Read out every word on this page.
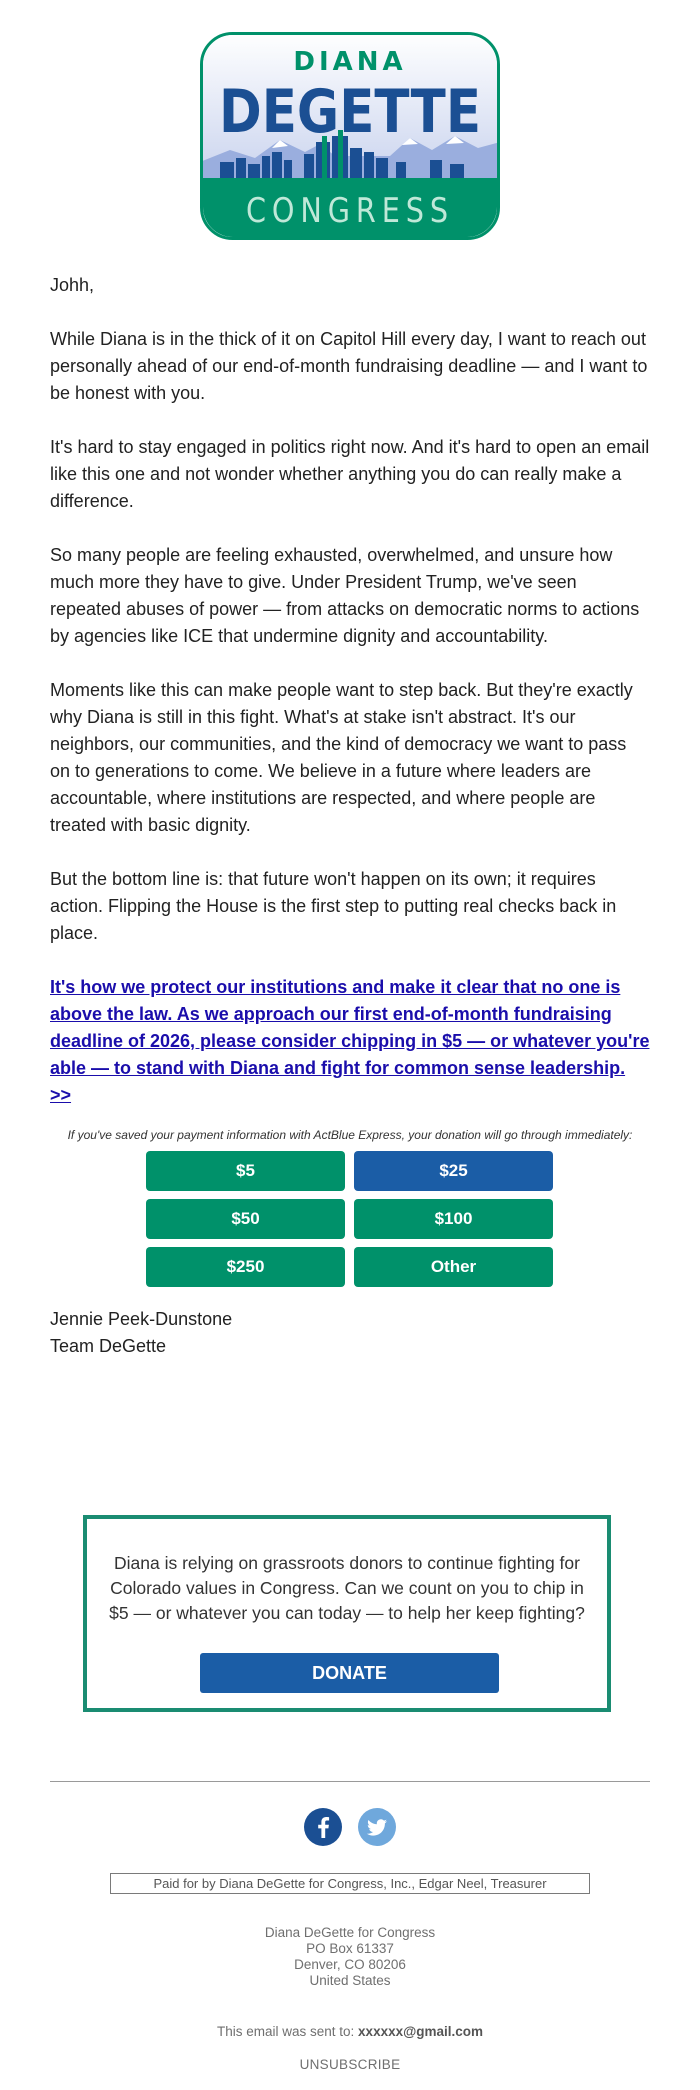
DIANA
DEGETTE
CONGRESS

Johh,

While Diana is in the thick of it on Capitol Hill every day, I want to reach out personally ahead of our end-of-month fundraising deadline — and I want to be honest with you.

It's hard to stay engaged in politics right now. And it's hard to open an email like this one and not wonder whether anything you do can really make a difference.

So many people are feeling exhausted, overwhelmed, and unsure how much more they have to give. Under President Trump, we've seen repeated abuses of power — from attacks on democratic norms to actions by agencies like ICE that undermine dignity and accountability.

Moments like this can make people want to step back. But they're exactly why Diana is still in this fight. What's at stake isn't abstract. It's our neighbors, our communities, and the kind of democracy we want to pass on to generations to come. We believe in a future where leaders are accountable, where institutions are respected, and where people are treated with basic dignity.

But the bottom line is: that future won't happen on its own; it requires action. Flipping the House is the first step to putting real checks back in place.

It's how we protect our institutions and make it clear that no one is above the law. As we approach our first end-of-month fundraising deadline of 2026, please consider chipping in $5 — or whatever you're able — to stand with Diana and fight for common sense leadership. >>

If you've saved your payment information with ActBlue Express, your donation will go through immediately:
$5	$25
$50	$100
$250	Other
Jennie Peek-Dunstone
Team DeGette
Diana is relying on grassroots donors to continue fighting for Colorado values in Congress. Can we count on you to chip in $5 — or whatever you can today — to help her keep fighting?
DONATE
Paid for by Diana DeGette for Congress, Inc., Edgar Neel, Treasurer
Diana DeGette for Congress
PO Box 61337
Denver, CO 80206
United States
This email was sent to: xxxxxx@gmail.com
UNSUBSCRIBE
